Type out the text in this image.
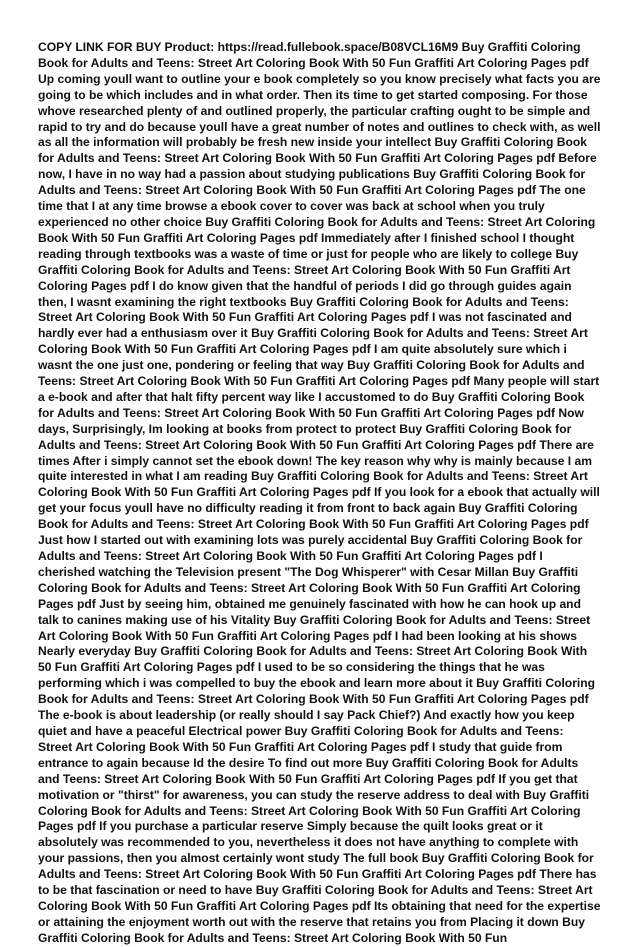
COPY LINK FOR BUY Product: https://read.fullebook.space/B08VCL16M9 Buy Graffiti Coloring Book for Adults and Teens: Street Art Coloring Book With 50 Fun Graffiti Art Coloring Pages pdf Up coming youll want to outline your e book completely so you know precisely what facts you are going to be which includes and in what order. Then its time to get started composing. For those whove researched plenty of and outlined properly, the particular crafting ought to be simple and rapid to try and do because youll have a great number of notes and outlines to check with, as well as all the information will probably be fresh new inside your intellect Buy Graffiti Coloring Book for Adults and Teens: Street Art Coloring Book With 50 Fun Graffiti Art Coloring Pages pdf Before now, I have in no way had a passion about studying publications Buy Graffiti Coloring Book for Adults and Teens: Street Art Coloring Book With 50 Fun Graffiti Art Coloring Pages pdf The one time that I at any time browse a ebook cover to cover was back at school when you truly experienced no other choice Buy Graffiti Coloring Book for Adults and Teens: Street Art Coloring Book With 50 Fun Graffiti Art Coloring Pages pdf Immediately after I finished school I thought reading through textbooks was a waste of time or just for people who are likely to college Buy Graffiti Coloring Book for Adults and Teens: Street Art Coloring Book With 50 Fun Graffiti Art Coloring Pages pdf I do know given that the handful of periods I did go through guides again then, I wasnt examining the right textbooks Buy Graffiti Coloring Book for Adults and Teens: Street Art Coloring Book With 50 Fun Graffiti Art Coloring Pages pdf I was not fascinated and hardly ever had a enthusiasm over it Buy Graffiti Coloring Book for Adults and Teens: Street Art Coloring Book With 50 Fun Graffiti Art Coloring Pages pdf I am quite absolutely sure which i wasnt the one just one, pondering or feeling that way Buy Graffiti Coloring Book for Adults and Teens: Street Art Coloring Book With 50 Fun Graffiti Art Coloring Pages pdf Many people will start a e-book and after that halt fifty percent way like I accustomed to do Buy Graffiti Coloring Book for Adults and Teens: Street Art Coloring Book With 50 Fun Graffiti Art Coloring Pages pdf Now days, Surprisingly, Im looking at books from protect to protect Buy Graffiti Coloring Book for Adults and Teens: Street Art Coloring Book With 50 Fun Graffiti Art Coloring Pages pdf There are times After i simply cannot set the ebook down! The key reason why why is mainly because I am quite interested in what I am reading Buy Graffiti Coloring Book for Adults and Teens: Street Art Coloring Book With 50 Fun Graffiti Art Coloring Pages pdf If you look for a ebook that actually will get your focus youll have no difficulty reading it from front to back again Buy Graffiti Coloring Book for Adults and Teens: Street Art Coloring Book With 50 Fun Graffiti Art Coloring Pages pdf Just how I started out with examining lots was purely accidental Buy Graffiti Coloring Book for Adults and Teens: Street Art Coloring Book With 50 Fun Graffiti Art Coloring Pages pdf I cherished watching the Television present "The Dog Whisperer" with Cesar Millan Buy Graffiti Coloring Book for Adults and Teens: Street Art Coloring Book With 50 Fun Graffiti Art Coloring Pages pdf Just by seeing him, obtained me genuinely fascinated with how he can hook up and talk to canines making use of his Vitality Buy Graffiti Coloring Book for Adults and Teens: Street Art Coloring Book With 50 Fun Graffiti Art Coloring Pages pdf I had been looking at his shows Nearly everyday Buy Graffiti Coloring Book for Adults and Teens: Street Art Coloring Book With 50 Fun Graffiti Art Coloring Pages pdf I used to be so considering the things that he was performing which i was compelled to buy the ebook and learn more about it Buy Graffiti Coloring Book for Adults and Teens: Street Art Coloring Book With 50 Fun Graffiti Art Coloring Pages pdf The e-book is about leadership (or really should I say Pack Chief?) And exactly how you keep quiet and have a peaceful Electrical power Buy Graffiti Coloring Book for Adults and Teens: Street Art Coloring Book With 50 Fun Graffiti Art Coloring Pages pdf I study that guide from entrance to again because Id the desire To find out more Buy Graffiti Coloring Book for Adults and Teens: Street Art Coloring Book With 50 Fun Graffiti Art Coloring Pages pdf If you get that motivation or "thirst" for awareness, you can study the reserve address to deal with Buy Graffiti Coloring Book for Adults and Teens: Street Art Coloring Book With 50 Fun Graffiti Art Coloring Pages pdf If you purchase a particular reserve Simply because the quilt looks great or it absolutely was recommended to you, nevertheless it does not have anything to complete with your passions, then you almost certainly wont study The full book Buy Graffiti Coloring Book for Adults and Teens: Street Art Coloring Book With 50 Fun Graffiti Art Coloring Pages pdf There has to be that fascination or need to have Buy Graffiti Coloring Book for Adults and Teens: Street Art Coloring Book With 50 Fun Graffiti Art Coloring Pages pdf Its obtaining that need for the expertise or attaining the enjoyment worth out with the reserve that retains you from Placing it down Buy Graffiti Coloring Book for Adults and Teens: Street Art Coloring Book With 50 Fun
